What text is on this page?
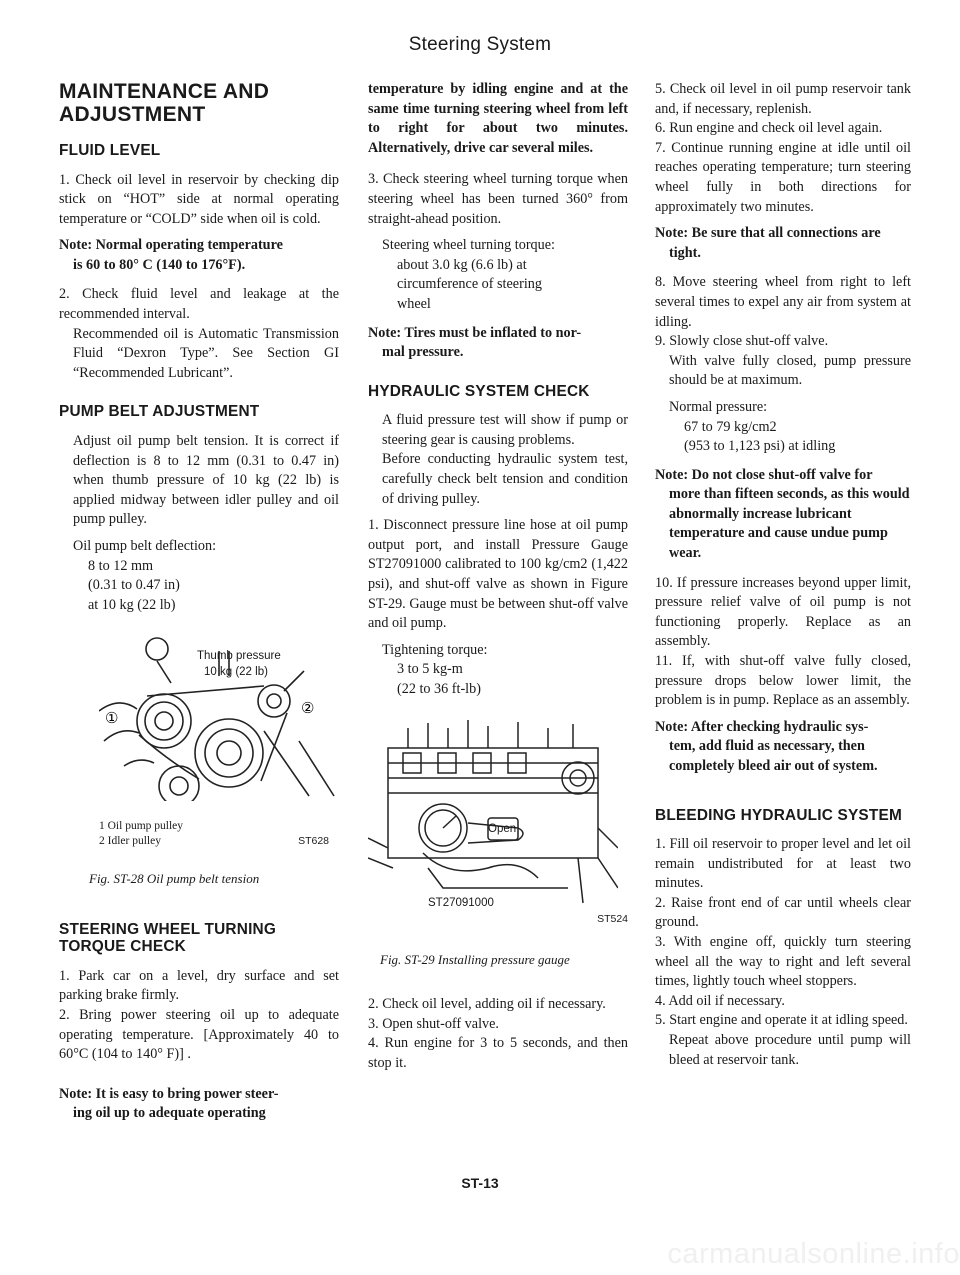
Steering System
MAINTENANCE AND ADJUSTMENT
FLUID LEVEL

1. Check oil level in reservoir by checking dip stick on “HOT” side at normal operating temperature or “COLD” side when oil is cold.

Note: Normal operating temperature
is 60 to 80° C (140 to 176°F).

2. Check fluid level and leakage at the recommended interval.

Recommended oil is Automatic Transmission Fluid “Dexron Type”. See Section GI “Recommended Lubricant”.

PUMP BELT ADJUSTMENT

Adjust oil pump belt tension. It is correct if deflection is 8 to 12 mm (0.31 to 0.47 in) when thumb pressure of 10 kg (22 lb) is applied midway between idler pulley and oil pump pulley.

Oil pump belt deflection:
8 to 12 mm
(0.31 to 0.47 in)
at 10 kg (22 lb)
①
②
Thumb pressure
10 kg (22 lb)
1 Oil pump pulley
2 Idler pulley	ST628
Fig. ST-28 Oil pump belt tension
STEERING WHEEL TURNING TORQUE CHECK

1. Park car on a level, dry surface and set parking brake firmly.

2. Bring power steering oil up to adequate operating temperature. [Approximately 40 to 60°C (104 to 140° F)] .

Note: It is easy to bring power steer-
ing oil up to adequate operating

temperature by idling engine and at the same time turning steering wheel from left to right for about two minutes. Alternatively, drive car several miles.

3. Check steering wheel turning torque when steering wheel has been turned 360° from straight-ahead position.

Steering wheel turning torque:
about 3.0 kg (6.6 lb) at
circumference of steering
wheel
Note: Tires must be inflated to nor-
mal pressure.
HYDRAULIC SYSTEM CHECK

A fluid pressure test will show if pump or steering gear is causing problems.

Before conducting hydraulic system test, carefully check belt tension and condition of driving pulley.

1. Disconnect pressure line hose at oil pump output port, and install Pressure Gauge ST27091000 calibrated to 100 kg/cm2 (1,422 psi), and shut-off valve as shown in Figure ST-29. Gauge must be between shut-off valve and oil pump.

Tightening torque:
3 to 5 kg-m
(22 to 36 ft-lb)
Open
ST27091000
ST524
Fig. ST-29 Installing pressure gauge

2. Check oil level, adding oil if necessary.

3. Open shut-off valve.

4. Run engine for 3 to 5 seconds, and then stop it.

5. Check oil level in oil pump reservoir tank and, if necessary, replenish.

6. Run engine and check oil level again.

7. Continue running engine at idle until oil reaches operating temperature; turn steering wheel fully in both directions for approximately two minutes.

Note: Be sure that all connections are
tight.

8. Move steering wheel from right to left several times to expel any air from system at idling.

9. Slowly close shut-off valve.

With valve fully closed, pump pressure should be at maximum.

Normal pressure:
67 to 79 kg/cm2
(953 to 1,123 psi) at idling
Note: Do not close shut-off valve for
more than fifteen seconds, as this would abnormally increase lubricant temperature and cause undue pump wear.

10. If pressure increases beyond upper limit, pressure relief valve of oil pump is not functioning properly. Replace as an assembly.

11. If, with shut-off valve fully closed, pressure drops below lower limit, the problem is in pump. Replace as an assembly.

Note: After checking hydraulic sys-
tem, add fluid as necessary, then completely bleed air out of system.
BLEEDING HYDRAULIC SYSTEM

1. Fill oil reservoir to proper level and let oil remain undistributed for at least two minutes.

2. Raise front end of car until wheels clear ground.

3. With engine off, quickly turn steering wheel all the way to right and left several times, lightly touch wheel stoppers.

4. Add oil if necessary.

5. Start engine and operate it at idling speed.

Repeat above procedure until pump will bleed at reservoir tank.

ST-13
carmanualsonline.info
